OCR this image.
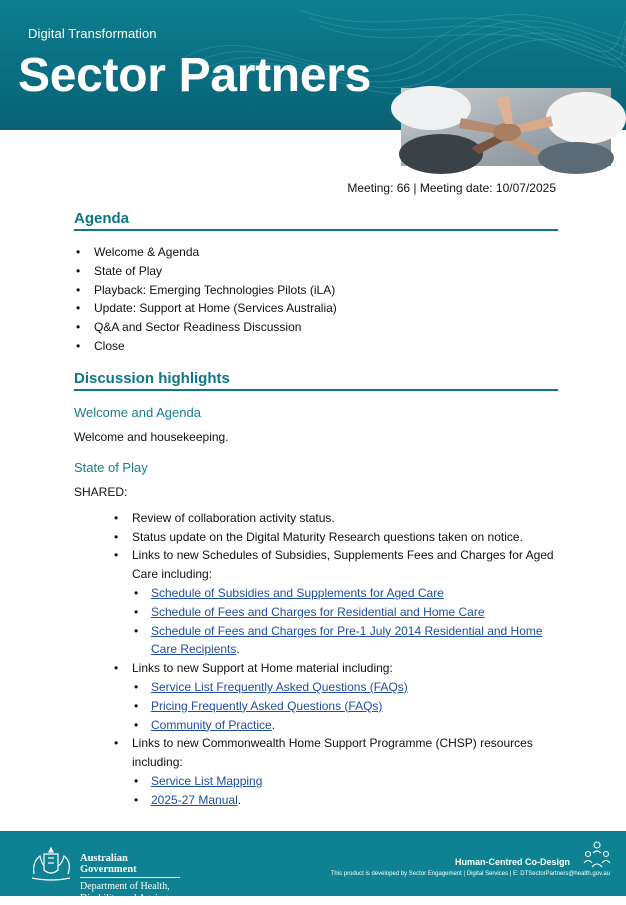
Digital Transformation
Sector Partners
Meeting: 66 | Meeting date: 10/07/2025
Agenda
• Welcome & Agenda
• State of Play
• Playback: Emerging Technologies Pilots (iLA)
• Update: Support at Home (Services Australia)
• Q&A and Sector Readiness Discussion
• Close
Discussion highlights
Welcome and Agenda
Welcome and housekeeping.
State of Play
SHARED:
• Review of collaboration activity status.
• Status update on the Digital Maturity Research questions taken on notice.
• Links to new Schedules of Subsidies, Supplements Fees and Charges for Aged Care including:
• Schedule of Subsidies and Supplements for Aged Care
• Schedule of Fees and Charges for Residential and Home Care
• Schedule of Fees and Charges for Pre-1 July 2014 Residential and Home Care Recipients.
• Links to new Support at Home material including:
• Service List Frequently Asked Questions (FAQs)
• Pricing Frequently Asked Questions (FAQs)
• Community of Practice.
• Links to new Commonwealth Home Support Programme (CHSP) resources including:
• Service List Mapping
• 2025-27 Manual.
Australian Government
Department of Health,
Disability and Ageing
Human-Centred Co-Design
This product is developed by Sector Engagement | Digital Services | E: DTSectorPartners@health.gov.au
